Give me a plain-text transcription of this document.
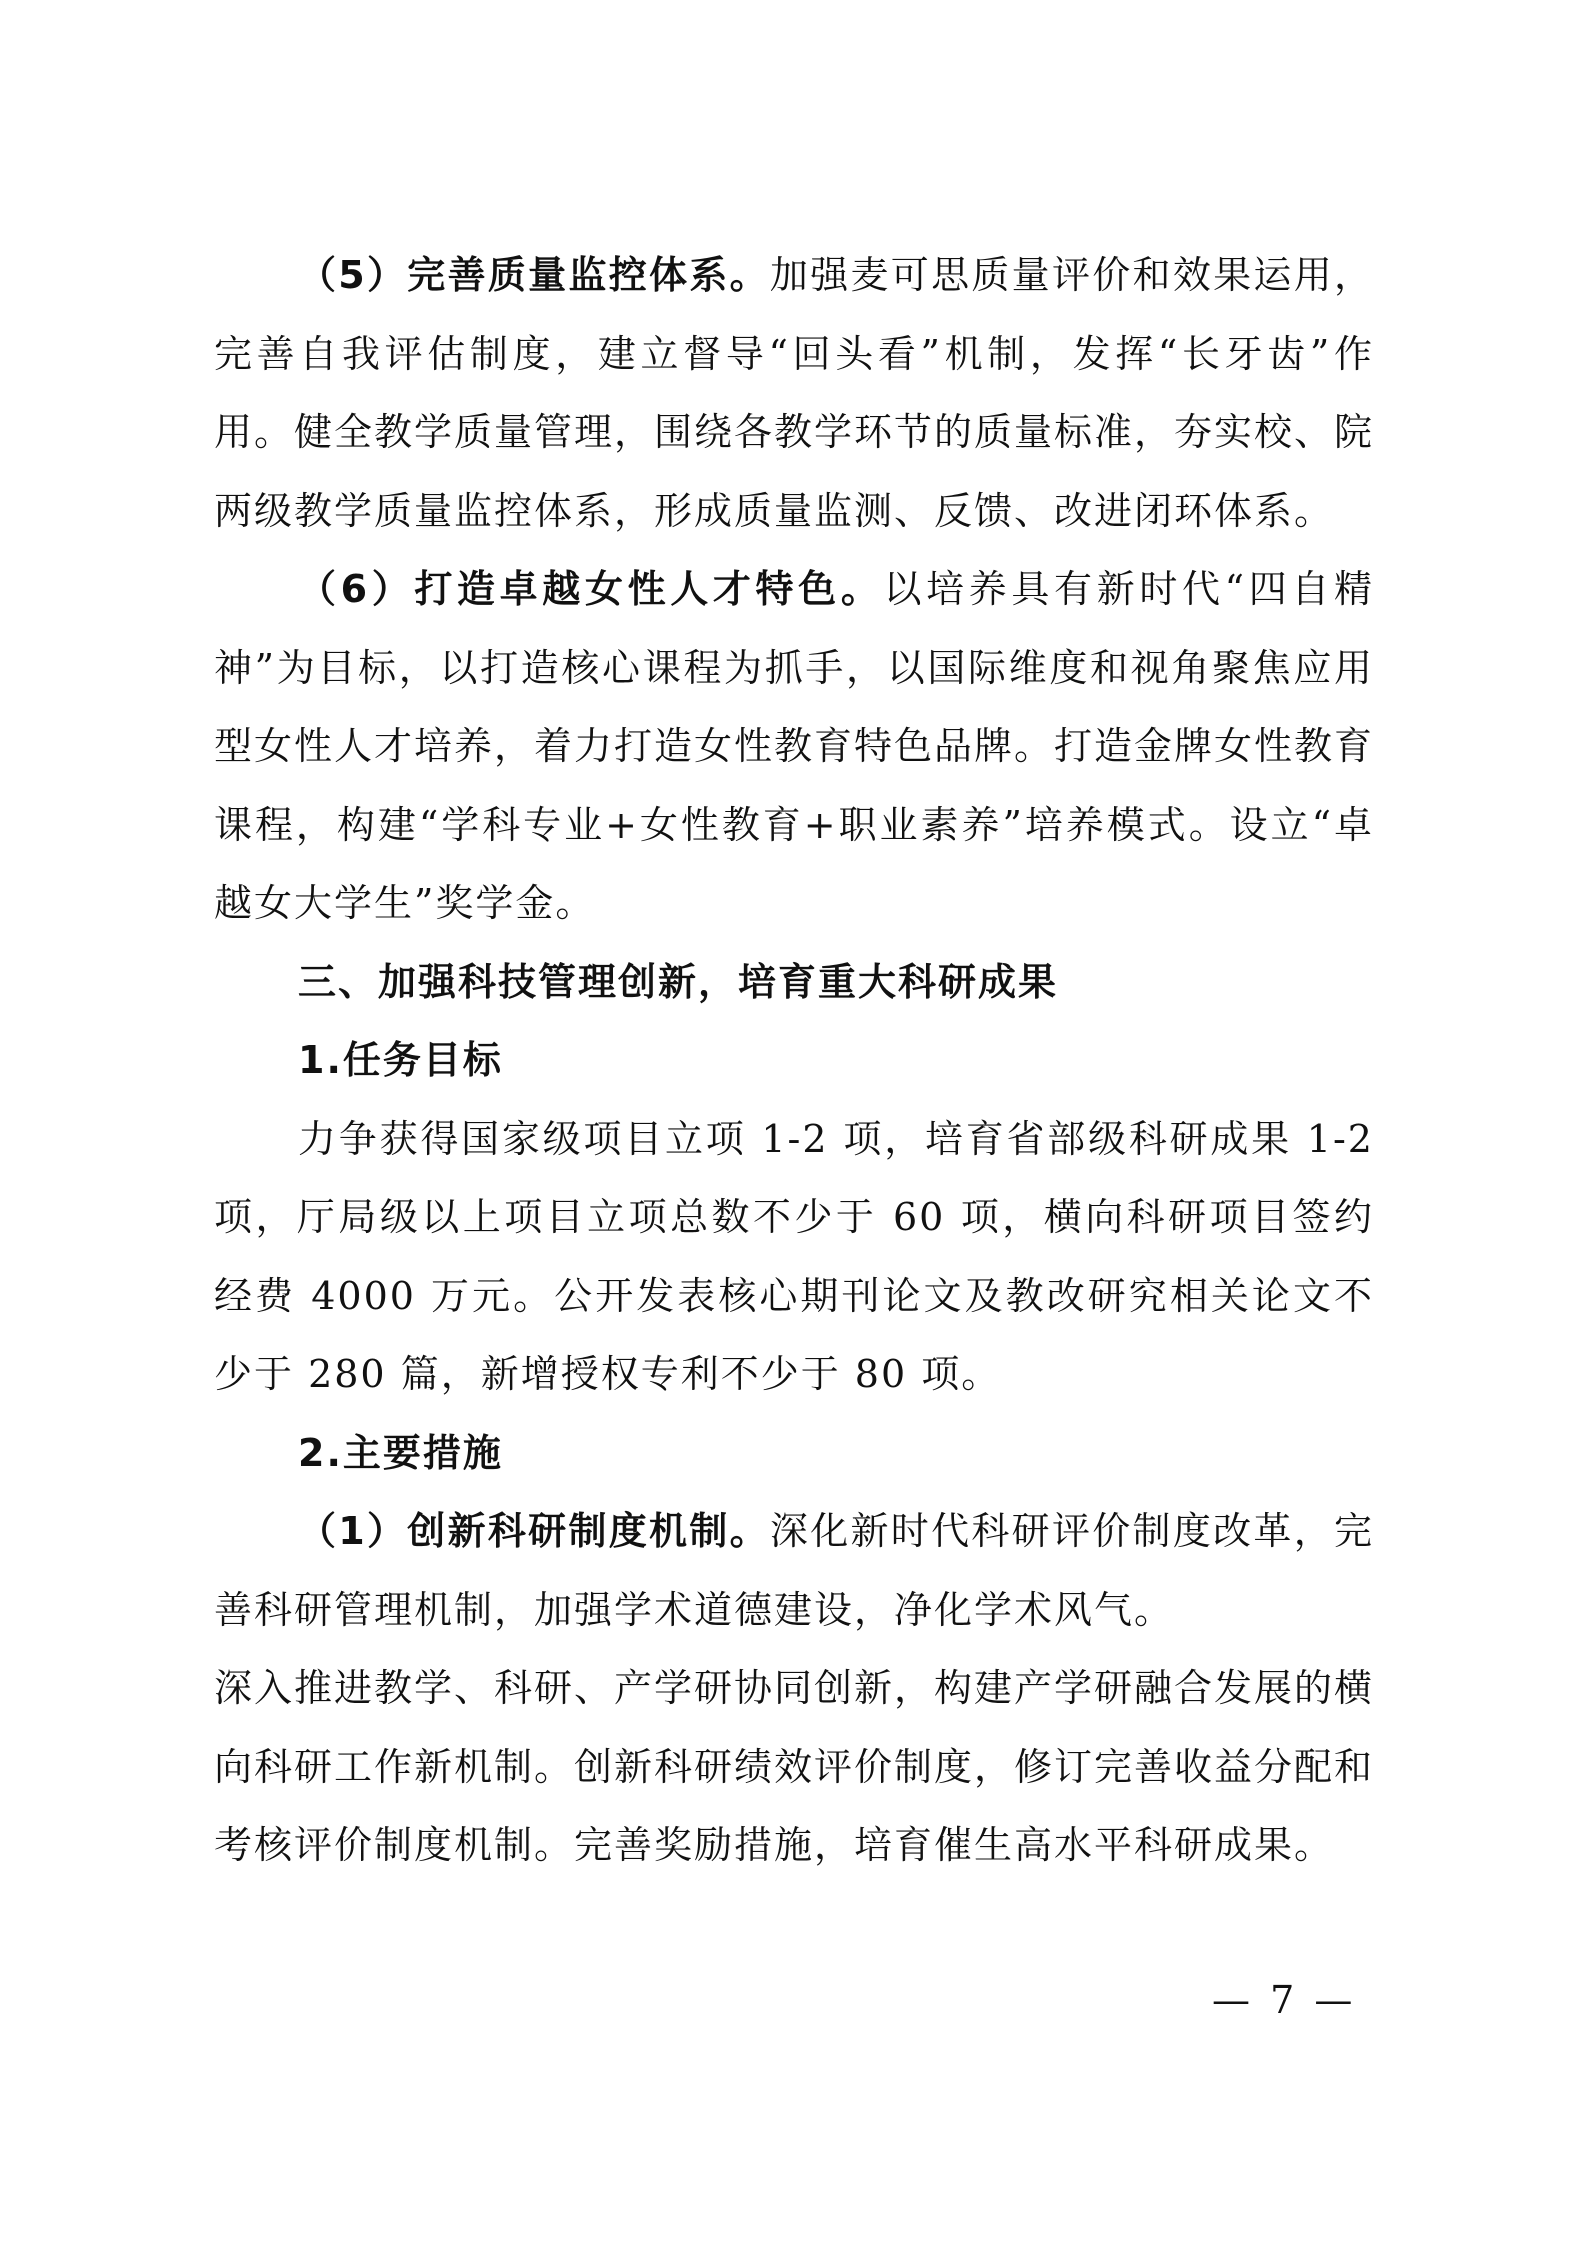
（5）完善质量监控体系。加强麦可思质量评价和效果运用，完善自我评估制度，建立督导“回头看”机制，发挥“长牙齿”作用。健全教学质量管理，围绕各教学环节的质量标准，夯实校、院两级教学质量监控体系，形成质量监测、反馈、改进闭环体系。

（6）打造卓越女性人才特色。以培养具有新时代“四自精神”为目标，以打造核心课程为抓手，以国际维度和视角聚焦应用型女性人才培养，着力打造女性教育特色品牌。打造金牌女性教育课程，构建“学科专业+女性教育+职业素养”培养模式。设立“卓越女大学生”奖学金。

三、加强科技管理创新，培育重大科研成果

1.任务目标

力争获得国家级项目立项 1-2 项，培育省部级科研成果 1-2 项，厅局级以上项目立项总数不少于 60 项，横向科研项目签约经费 4000 万元。公开发表核心期刊论文及教改研究相关论文不少于 280 篇，新增授权专利不少于 80 项。

2.主要措施

（1）创新科研制度机制。深化新时代科研评价制度改革，完善科研管理机制，加强学术道德建设，净化学术风气。

深入推进教学、科研、产学研协同创新，构建产学研融合发展的横向科研工作新机制。创新科研绩效评价制度，修订完善收益分配和考核评价制度机制。完善奖励措施，培育催生高水平科研成果。

— 7 —
